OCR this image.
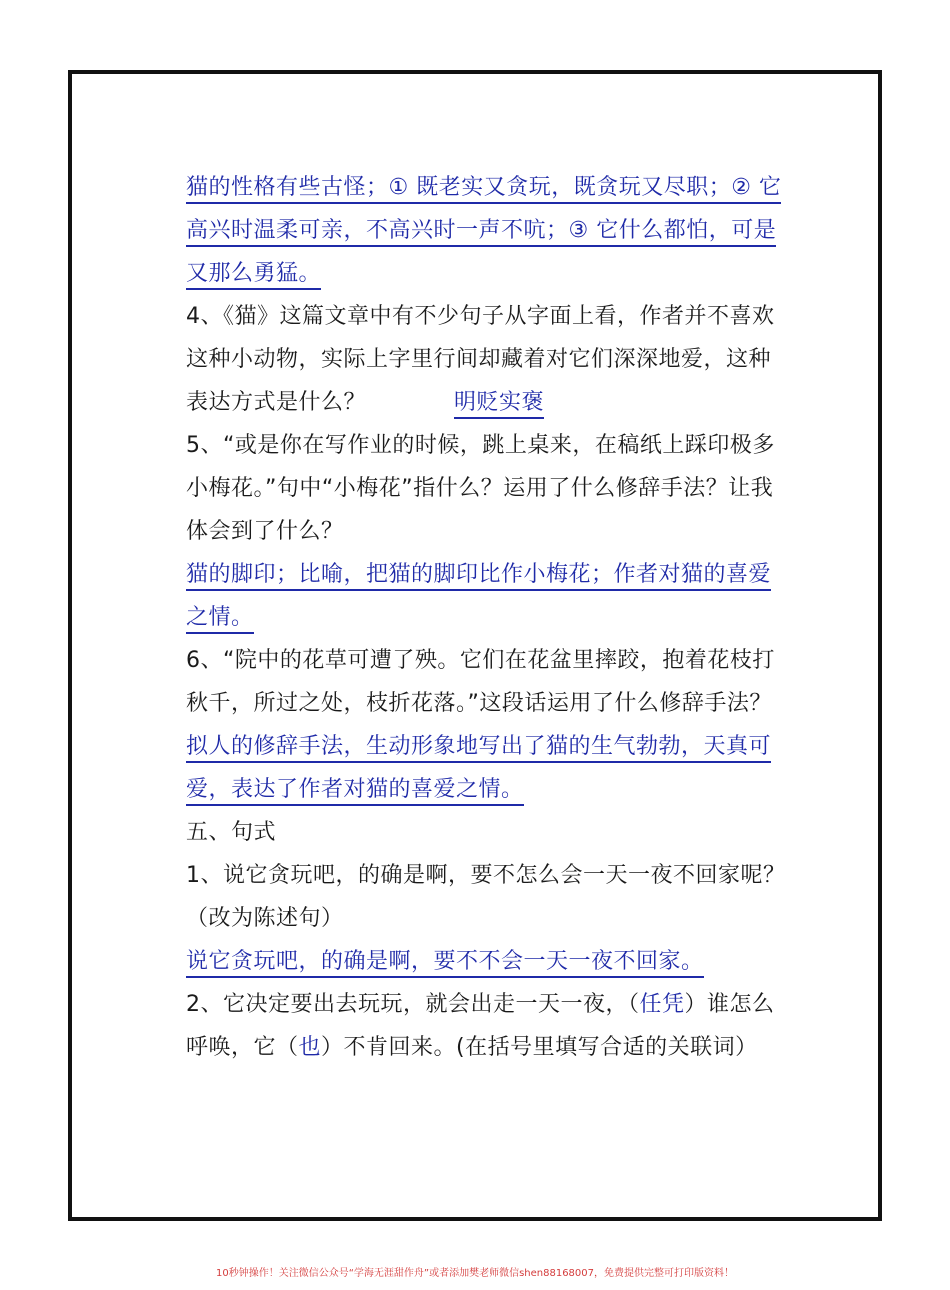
猫的性格有些古怪；① 既老实又贪玩，既贪玩又尽职；② 它
高兴时温柔可亲，不高兴时一声不吭；③ 它什么都怕，可是
又那么勇猛。
4、《猫》这篇文章中有不少句子从字面上看，作者并不喜欢
这种小动物，实际上字里行间却藏着对它们深深地爱，这种
表达方式是什么？	明贬实褒
5、“或是你在写作业的时候，跳上桌来，在稿纸上踩印极多
小梅花。”句中“小梅花”指什么？运用了什么修辞手法？让我
体会到了什么？
猫的脚印；比喻，把猫的脚印比作小梅花；作者对猫的喜爱
之情。
6、“院中的花草可遭了殃。它们在花盆里摔跤，抱着花枝打
秋千，所过之处，枝折花落。”这段话运用了什么修辞手法？
拟人的修辞手法，生动形象地写出了猫的生气勃勃，天真可
爱，表达了作者对猫的喜爱之情。
五、句式
1、说它贪玩吧，的确是啊，要不怎么会一天一夜不回家呢？
（改为陈述句）
说它贪玩吧，的确是啊，要不不会一天一夜不回家。
2、它决定要出去玩玩，就会出走一天一夜，（任凭）谁怎么
呼唤，它（也）不肯回来。(在括号里填写合适的关联词）
10秒钟操作！关注微信公众号“学海无涯甜作舟”或者添加樊老师微信shen88168007，免费提供完整可打印版资料！
